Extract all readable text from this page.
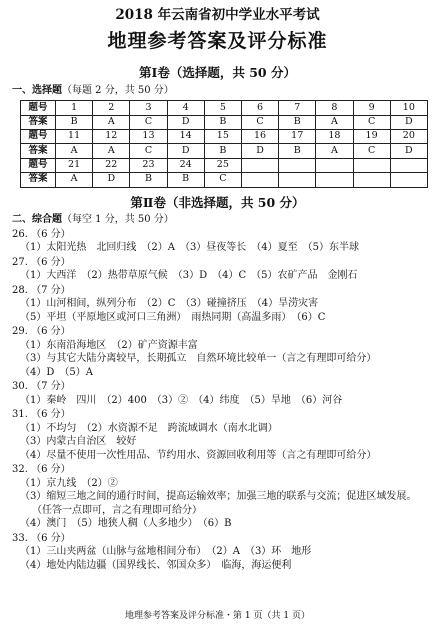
2018 年云南省初中学业水平考试
地理参考答案及评分标准
第Ⅰ卷（选择题，共 50 分）
一、选择题（每题 2 分，共 50 分）
题号	1	2	3	4	5	6	7	8	9	10
答案	B	A	C	D	B	C	B	A	C	D
题号	11	12	13	14	15	16	17	18	19	20
答案	A	A	C	D	B	D	B	A	C	D
题号	21	22	23	24	25					
答案	A	D	B	B	C					
第Ⅱ卷（非选择题，共 50 分）
二、综合题（每空 1 分，共 50 分）
26. （6 分）
（1）太阳光热　北回归线　（2）A　（3）昼夜等长　（4）夏至　（5）东半球
27. （6 分）
（1）大西洋　（2）热带草原气候　（3）D　（4）C　（5）农矿产品　金刚石
28. （7 分）
（1）山河相间，纵列分布　（2）C　（3）碰撞挤压　（4）旱涝灾害
（5）平坦（平原地区或河口三角洲）　雨热同期（高温多雨）　（6）C
29. （6 分）
（1）东南沿海地区　（2）矿产资源丰富
（3）与其它大陆分离较早，长期孤立　自然环境比较单一（言之有理即可给分）
（4）D　（5）A
30. （7 分）
（1）秦岭　四川　（2）400　（3）②　（4）纬度　（5）旱地　（6）河谷
31. （6 分）
（1）不均匀　（2）水资源不足　跨流域调水（南水北调）
（3）内蒙古自治区　较好
（4）尽量不使用一次性用品、节约用水、资源回收利用等（言之有理即可给分）
32. （6 分）
（1）京九线　（2）②
（3）缩短三地之间的通行时间，提高运输效率；加强三地的联系与交流；促进区域发展。
（任答一点即可，言之有理即可给分）
（4）澳门　（5）地狭人稠（人多地少）　（6）B
33. （6 分）
（1）三山夹两盆（山脉与盆地相间分布）　（2）A　（3）环　地形
（4）地处内陆边疆（国界线长、邻国众多）　临海，海运便利
地理参考答案及评分标准・第 1 页（共 1 页）
